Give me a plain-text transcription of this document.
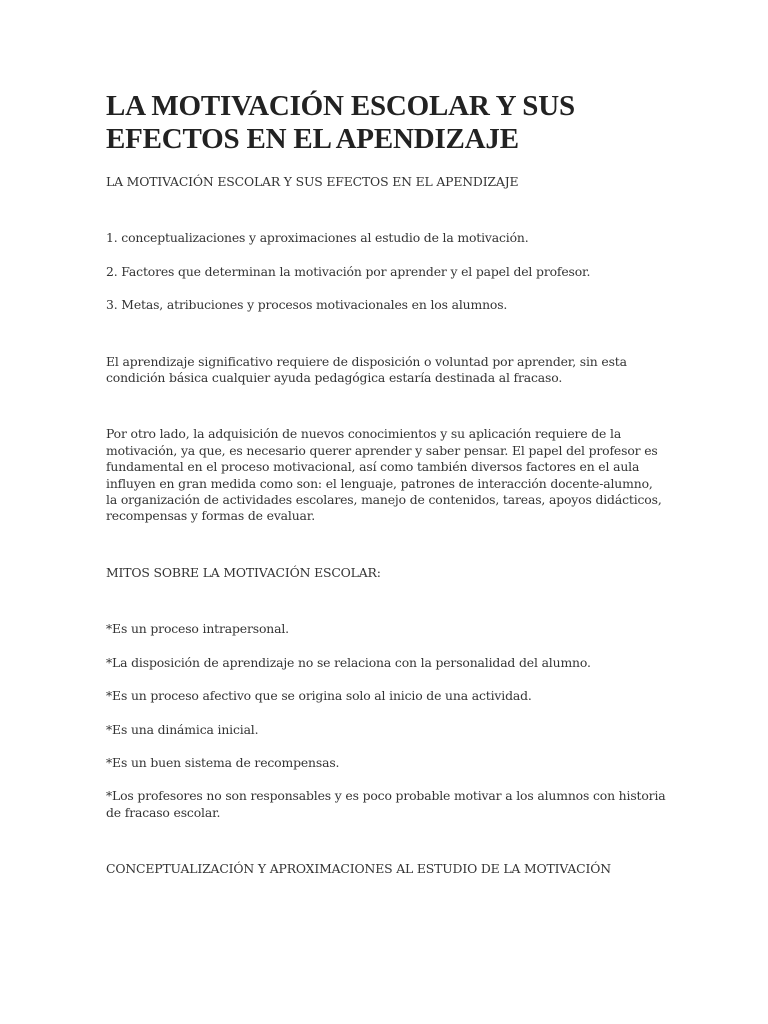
LA MOTIVACIÓN ESCOLAR Y SUS EFECTOS EN EL APENDIZAJE

LA MOTIVACIÓN ESCOLAR Y SUS EFECTOS EN EL APENDIZAJE

1. conceptualizaciones y aproximaciones al estudio de la motivación.

2. Factores que determinan la motivación por aprender y el papel del profesor.

3. Metas, atribuciones y procesos motivacionales en los alumnos.

El aprendizaje significativo requiere de disposición o voluntad por aprender, sin esta condición básica cualquier ayuda pedagógica estaría destinada al fracaso.

Por otro lado, la adquisición de nuevos conocimientos y su aplicación requiere de la motivación, ya que, es necesario querer aprender y saber pensar. El papel del profesor es fundamental en el proceso motivacional, así como también diversos factores en el aula influyen en gran medida como son: el lenguaje, patrones de interacción docente-alumno, la organización de actividades escolares, manejo de contenidos, tareas, apoyos didácticos, recompensas y formas de evaluar.

MITOS SOBRE LA MOTIVACIÓN ESCOLAR:

*Es un proceso intrapersonal.

*La disposición de aprendizaje no se relaciona con la personalidad del alumno.

*Es un proceso afectivo que se origina solo al inicio de una actividad.

*Es una dinámica inicial.

*Es un buen sistema de recompensas.

*Los profesores no son responsables y es poco probable motivar a los alumnos con historia de fracaso escolar.

CONCEPTUALIZACIÓN Y APROXIMACIONES AL ESTUDIO DE LA MOTIVACIÓN
